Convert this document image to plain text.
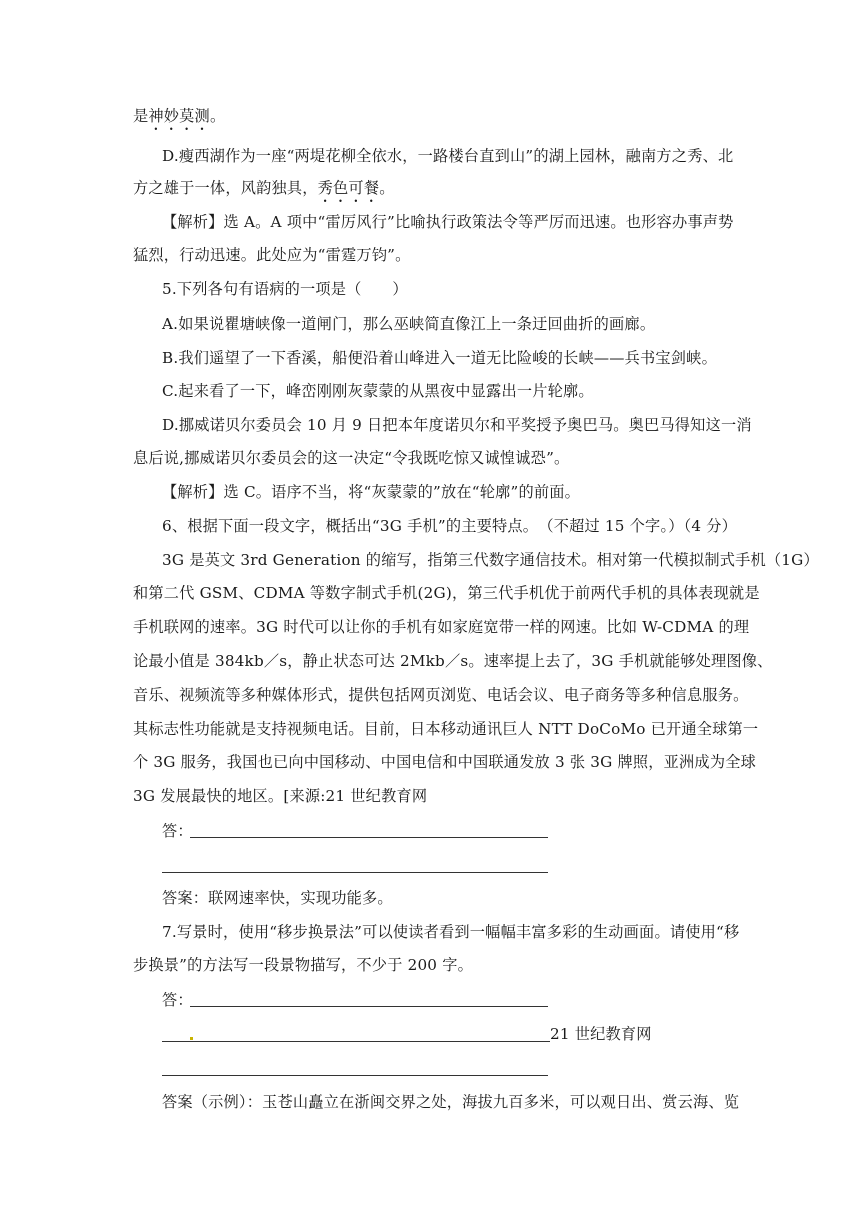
是神妙莫测。
D.瘦西湖作为一座“两堤花柳全依水，一路楼台直到山”的湖上园林，融南方之秀、北
方之雄于一体，风韵独具，秀色可餐。
【解析】选 A。A 项中“雷厉风行”比喻执行政策法令等严厉而迅速。也形容办事声势
猛烈，行动迅速。此处应为“雷霆万钧”。
5.下列各句有语病的一项是（　　）
A.如果说瞿塘峡像一道闸门，那么巫峡简直像江上一条迂回曲折的画廊。
B.我们遥望了一下香溪，船便沿着山峰进入一道无比险峻的长峡——兵书宝剑峡。
C.起来看了一下，峰峦刚刚灰蒙蒙的从黑夜中显露出一片轮廓。
D.挪威诺贝尔委员会 10 月 9 日把本年度诺贝尔和平奖授予奥巴马。奥巴马得知这一消
息后说,挪威诺贝尔委员会的这一决定“令我既吃惊又诚惶诚恐”。
【解析】选 C。语序不当，将“灰蒙蒙的”放在“轮廓”的前面。
6、根据下面一段文字，概括出“3G 手机”的主要特点。　（不超过 15 个字。）（4 分）
3G 是英文 3rd Generation 的缩写，指第三代数字通信技术。相对第一代模拟制式手机（1G）
和第二代 GSM、CDMA 等数字制式手机(2G)，第三代手机优于前两代手机的具体表现就是
手机联网的速率。3G 时代可以让你的手机有如家庭宽带一样的网速。比如 W-CDMA 的理
论最小值是 384kb／s，静止状态可达 2Mkb／s。速率提上去了，3G 手机就能够处理图像、
音乐、视频流等多种媒体形式，提供包括网页浏览、电话会议、电子商务等多种信息服务。
其标志性功能就是支持视频电话。目前，日本移动通讯巨人 NTT DoCoMo 已开通全球第一
个 3G 服务，我国也已向中国移动、中国电信和中国联通发放 3 张 3G 牌照，亚洲成为全球
3G 发展最快的地区。[来源:21 世纪教育网
答：
答案：联网速率快，实现功能多。
7.写景时，使用“移步换景法”可以使读者看到一幅幅丰富多彩的生动画面。请使用“移
步换景”的方法写一段景物描写，不少于 200 字。
答：
21 世纪教育网
答案（示例）：玉苍山矗立在浙闽交界之处，海拔九百多米，可以观日出、赏云海、览
